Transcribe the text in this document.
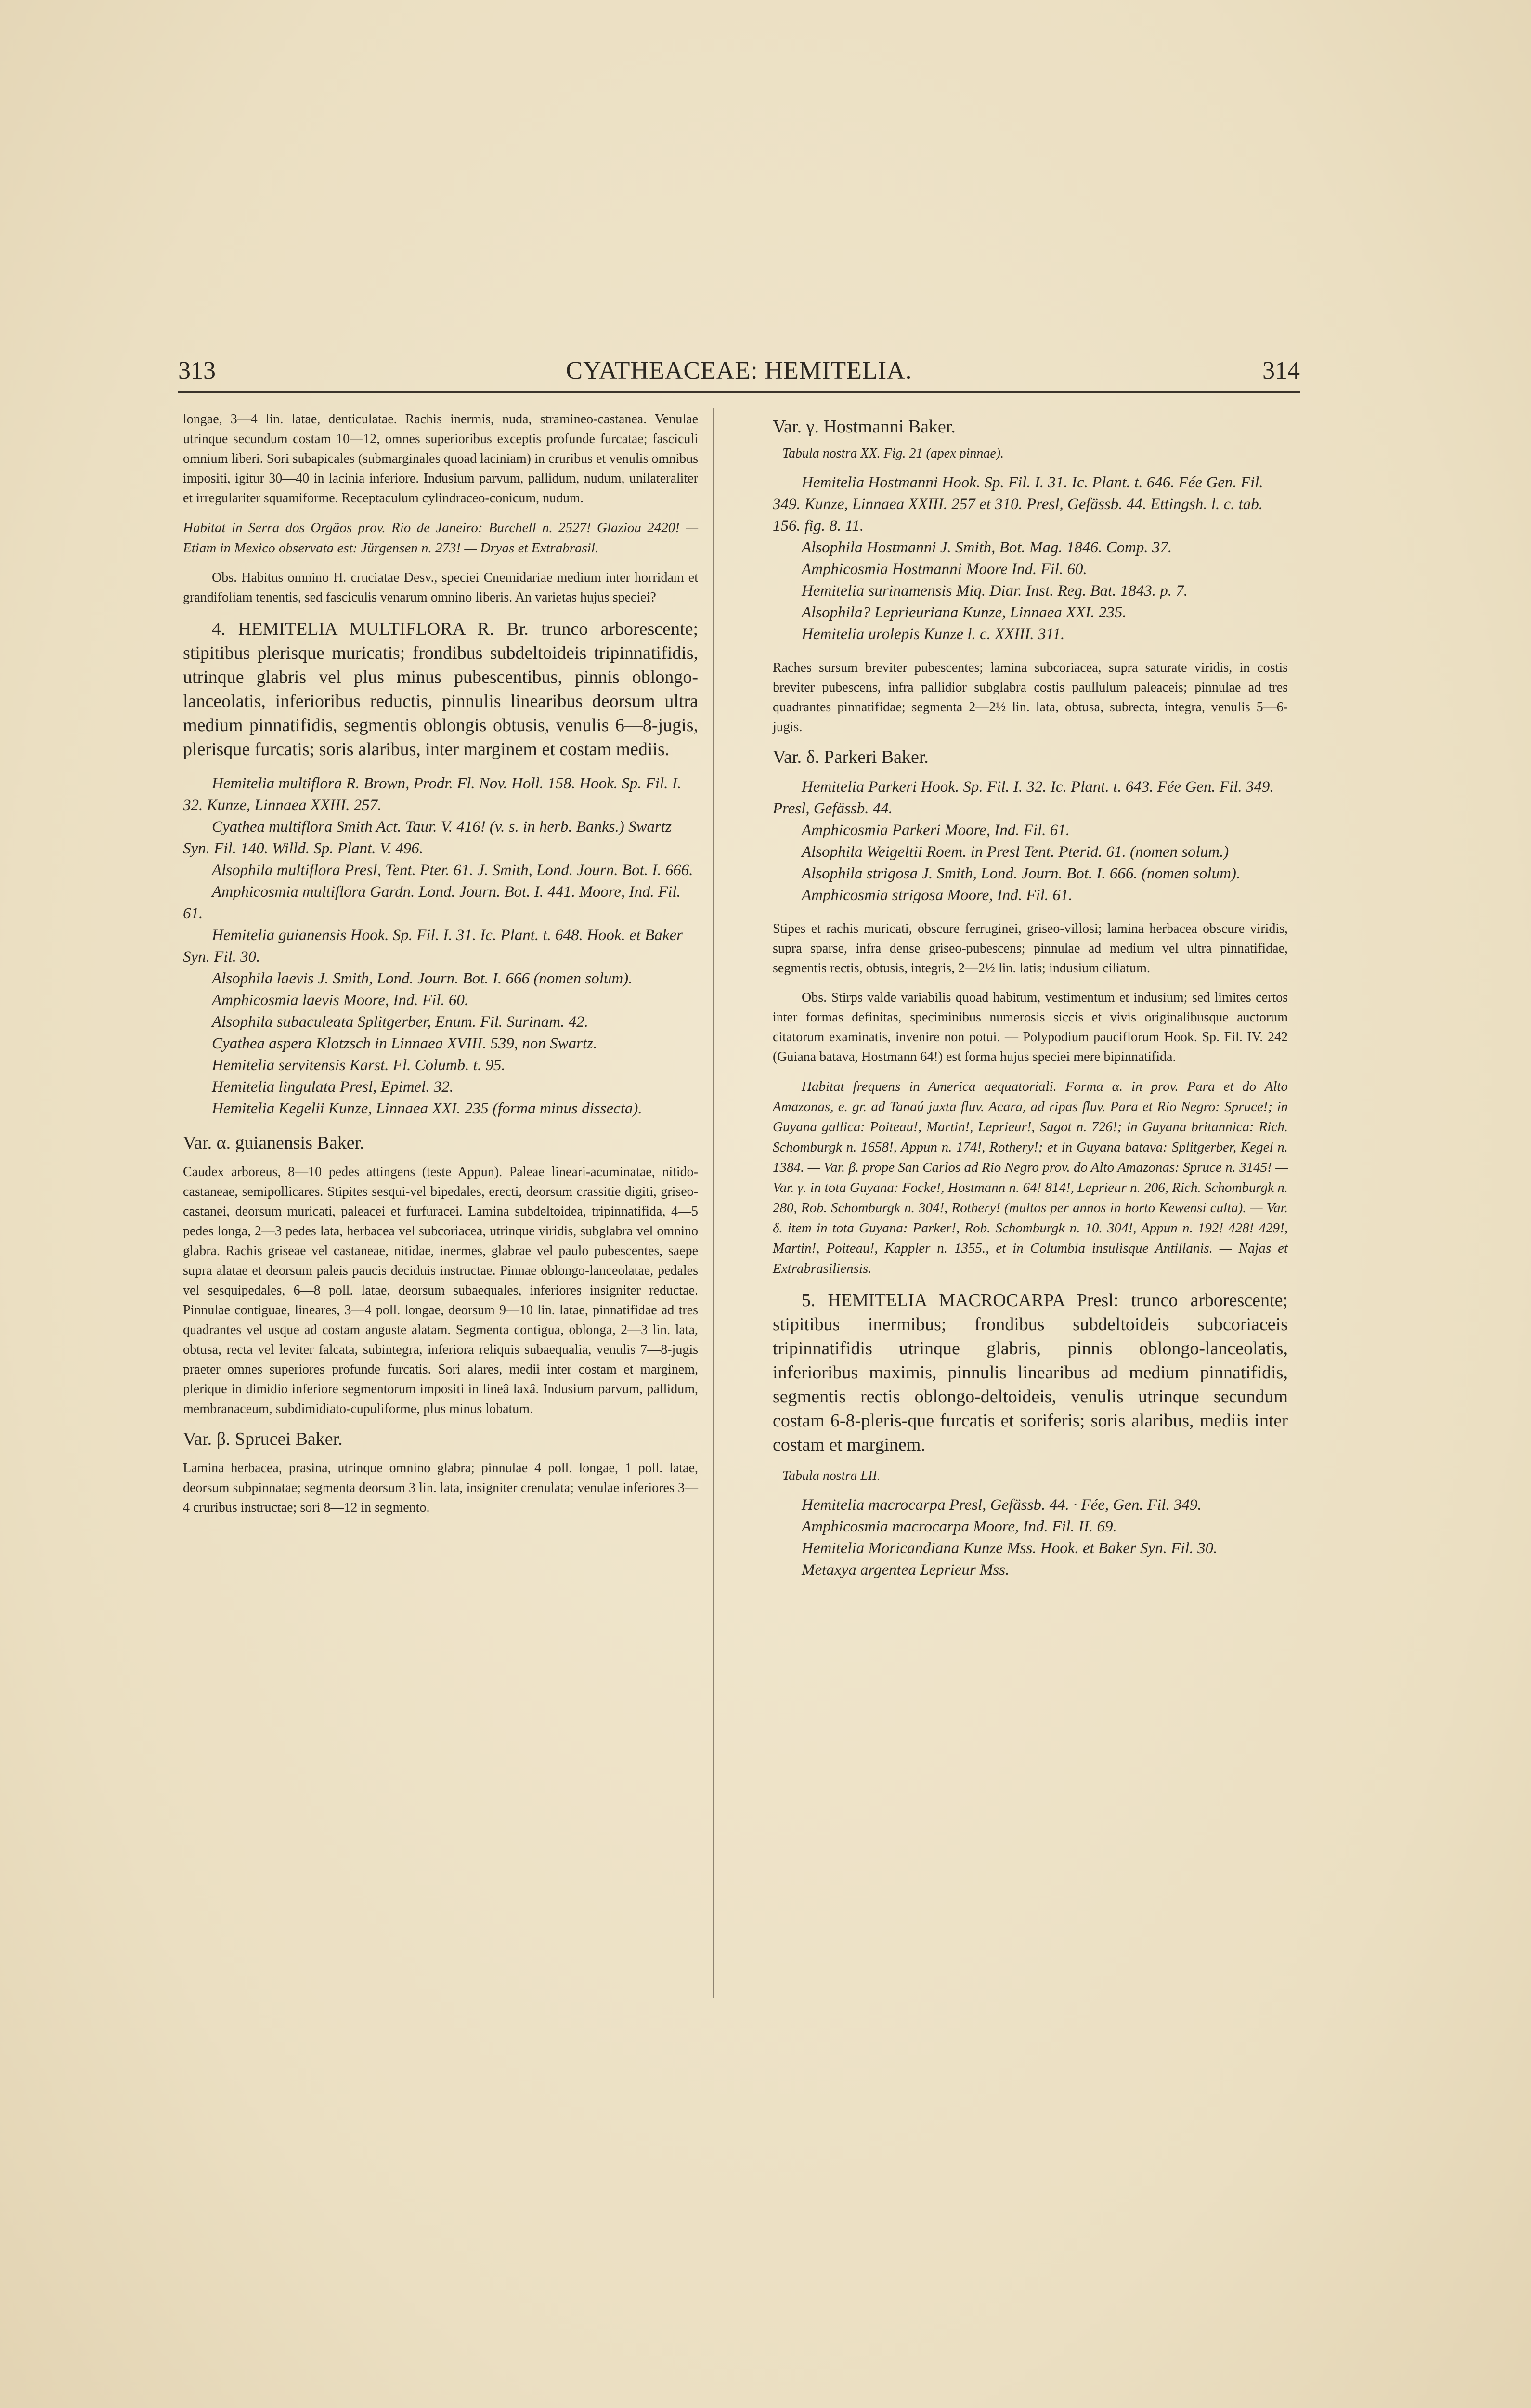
313	CYATHEACEAE: HEMITELIA.	314

longae, 3—4 lin. latae, denticulatae. Rachis inermis, nuda, stramineo-castanea. Venulae utrinque secundum costam 10—12, omnes superioribus exceptis profunde furcatae; fasciculi omnium liberi. Sori subapicales (submarginales quoad laciniam) in cruribus et venulis omnibus impositi, igitur 30—40 in lacinia inferiore. Indusium parvum, pallidum, nudum, unilateraliter et irregulariter squamiforme. Receptaculum cylindraceo-conicum, nudum.

Habitat in Serra dos Orgãos prov. Rio de Janeiro: Burchell n. 2527! Glaziou 2420! — Etiam in Mexico observata est: Jürgensen n. 273! — Dryas et Extrabrasil.

Obs. Habitus omnino H. cruciatae Desv., speciei Cnemidariae medium inter horridam et grandifoliam tenentis, sed fasciculis venarum omnino liberis. An varietas hujus speciei?

4. HEMITELIA MULTIFLORA R. Br. trunco arborescente; stipitibus plerisque muricatis; frondibus subdeltoideis tripinnatifidis, utrinque glabris vel plus minus pubescentibus, pinnis oblongo-lanceolatis, inferioribus reductis, pinnulis linearibus deorsum ultra medium pinnatifidis, segmentis oblongis obtusis, venulis 6—8-jugis, plerisque furcatis; soris alaribus, inter marginem et costam mediis.

Hemitelia multiflora R. Brown, Prodr. Fl. Nov. Holl. 158. Hook. Sp. Fil. I. 32. Kunze, Linnaea XXIII. 257.

Cyathea multiflora Smith Act. Taur. V. 416! (v. s. in herb. Banks.) Swartz Syn. Fil. 140. Willd. Sp. Plant. V. 496.

Alsophila multiflora Presl, Tent. Pter. 61. J. Smith, Lond. Journ. Bot. I. 666.

Amphicosmia multiflora Gardn. Lond. Journ. Bot. I. 441. Moore, Ind. Fil. 61.

Hemitelia guianensis Hook. Sp. Fil. I. 31. Ic. Plant. t. 648. Hook. et Baker Syn. Fil. 30.

Alsophila laevis J. Smith, Lond. Journ. Bot. I. 666 (nomen solum).

Amphicosmia laevis Moore, Ind. Fil. 60.

Alsophila subaculeata Splitgerber, Enum. Fil. Surinam. 42.

Cyathea aspera Klotzsch in Linnaea XVIII. 539, non Swartz.

Hemitelia servitensis Karst. Fl. Columb. t. 95.

Hemitelia lingulata Presl, Epimel. 32.

Hemitelia Kegelii Kunze, Linnaea XXI. 235 (forma minus dissecta).

Var. α. guianensis Baker.

Caudex arboreus, 8—10 pedes attingens (teste Appun). Paleae lineari-acuminatae, nitido-castaneae, semipollicares. Stipites sesqui-vel bipedales, erecti, deorsum crassitie digiti, griseo-castanei, deorsum muricati, paleacei et furfuracei. Lamina subdeltoidea, tripinnatifida, 4—5 pedes longa, 2—3 pedes lata, herbacea vel subcoriacea, utrinque viridis, subglabra vel omnino glabra. Rachis griseae vel castaneae, nitidae, inermes, glabrae vel paulo pubescentes, saepe supra alatae et deorsum paleis paucis deciduis instructae. Pinnae oblongo-lanceolatae, pedales vel sesquipedales, 6—8 poll. latae, deorsum subaequales, inferiores insigniter reductae. Pinnulae contiguae, lineares, 3—4 poll. longae, deorsum 9—10 lin. latae, pinnatifidae ad tres quadrantes vel usque ad costam anguste alatam. Segmenta contigua, oblonga, 2—3 lin. lata, obtusa, recta vel leviter falcata, subintegra, inferiora reliquis subaequalia, venulis 7—8-jugis praeter omnes superiores profunde furcatis. Sori alares, medii inter costam et marginem, plerique in dimidio inferiore segmentorum impositi in lineâ laxâ. Indusium parvum, pallidum, membranaceum, subdimidiato-cupuliforme, plus minus lobatum.

Var. β. Sprucei Baker.

Lamina herbacea, prasina, utrinque omnino glabra; pinnulae 4 poll. longae, 1 poll. latae, deorsum subpinnatae; segmenta deorsum 3 lin. lata, insigniter crenulata; venulae inferiores 3—4 cruribus instructae; sori 8—12 in segmento.

Var. γ. Hostmanni Baker.
Tabula nostra XX. Fig. 21 (apex pinnae).

Hemitelia Hostmanni Hook. Sp. Fil. I. 31. Ic. Plant. t. 646. Fée Gen. Fil. 349. Kunze, Linnaea XXIII. 257 et 310. Presl, Gefässb. 44. Ettingsh. l. c. tab. 156. fig. 8. 11.

Alsophila Hostmanni J. Smith, Bot. Mag. 1846. Comp. 37.

Amphicosmia Hostmanni Moore Ind. Fil. 60.

Hemitelia surinamensis Miq. Diar. Inst. Reg. Bat. 1843. p. 7.

Alsophila? Leprieuriana Kunze, Linnaea XXI. 235.

Hemitelia urolepis Kunze l. c. XXIII. 311.

Raches sursum breviter pubescentes; lamina subcoriacea, supra saturate viridis, in costis breviter pubescens, infra pallidior subglabra costis paullulum paleaceis; pinnulae ad tres quadrantes pinnatifidae; segmenta 2—2½ lin. lata, obtusa, subrecta, integra, venulis 5—6-jugis.

Var. δ. Parkeri Baker.

Hemitelia Parkeri Hook. Sp. Fil. I. 32. Ic. Plant. t. 643. Fée Gen. Fil. 349. Presl, Gefässb. 44.

Amphicosmia Parkeri Moore, Ind. Fil. 61.

Alsophila Weigeltii Roem. in Presl Tent. Pterid. 61. (nomen solum.)

Alsophila strigosa J. Smith, Lond. Journ. Bot. I. 666. (nomen solum).

Amphicosmia strigosa Moore, Ind. Fil. 61.

Stipes et rachis muricati, obscure ferruginei, griseo-villosi; lamina herbacea obscure viridis, supra sparse, infra dense griseo-pubescens; pinnulae ad medium vel ultra pinnatifidae, segmentis rectis, obtusis, integris, 2—2½ lin. latis; indusium ciliatum.

Obs. Stirps valde variabilis quoad habitum, vestimentum et indusium; sed limites certos inter formas definitas, speciminibus numerosis siccis et vivis originalibusque auctorum citatorum examinatis, invenire non potui. — Polypodium pauciflorum Hook. Sp. Fil. IV. 242 (Guiana batava, Hostmann 64!) est forma hujus speciei mere bipinnatifida.

Habitat frequens in America aequatoriali. Forma α. in prov. Para et do Alto Amazonas, e. gr. ad Tanaú juxta fluv. Acara, ad ripas fluv. Para et Rio Negro: Spruce!; in Guyana gallica: Poiteau!, Martin!, Leprieur!, Sagot n. 726!; in Guyana britannica: Rich. Schomburgk n. 1658!, Appun n. 174!, Rothery!; et in Guyana batava: Splitgerber, Kegel n. 1384. — Var. β. prope San Carlos ad Rio Negro prov. do Alto Amazonas: Spruce n. 3145! — Var. γ. in tota Guyana: Focke!, Hostmann n. 64! 814!, Leprieur n. 206, Rich. Schomburgk n. 280, Rob. Schomburgk n. 304!, Rothery! (multos per annos in horto Kewensi culta). — Var. δ. item in tota Guyana: Parker!, Rob. Schomburgk n. 10. 304!, Appun n. 192! 428! 429!, Martin!, Poiteau!, Kappler n. 1355., et in Columbia insulisque Antillanis. — Najas et Extrabrasiliensis.

5. HEMITELIA MACROCARPA Presl: trunco arborescente; stipitibus inermibus; frondibus subdeltoideis subcoriaceis tripinnatifidis utrinque glabris, pinnis oblongo-lanceolatis, inferioribus maximis, pinnulis linearibus ad medium pinnatifidis, segmentis rectis oblongo-deltoideis, venulis utrinque secundum costam 6-8-pleris-que furcatis et soriferis; soris alaribus, mediis inter costam et marginem.

Tabula nostra LII.

Hemitelia macrocarpa Presl, Gefässb. 44. · Fée, Gen. Fil. 349.

Amphicosmia macrocarpa Moore, Ind. Fil. II. 69.

Hemitelia Moricandiana Kunze Mss. Hook. et Baker Syn. Fil. 30.

Metaxya argentea Leprieur Mss.
